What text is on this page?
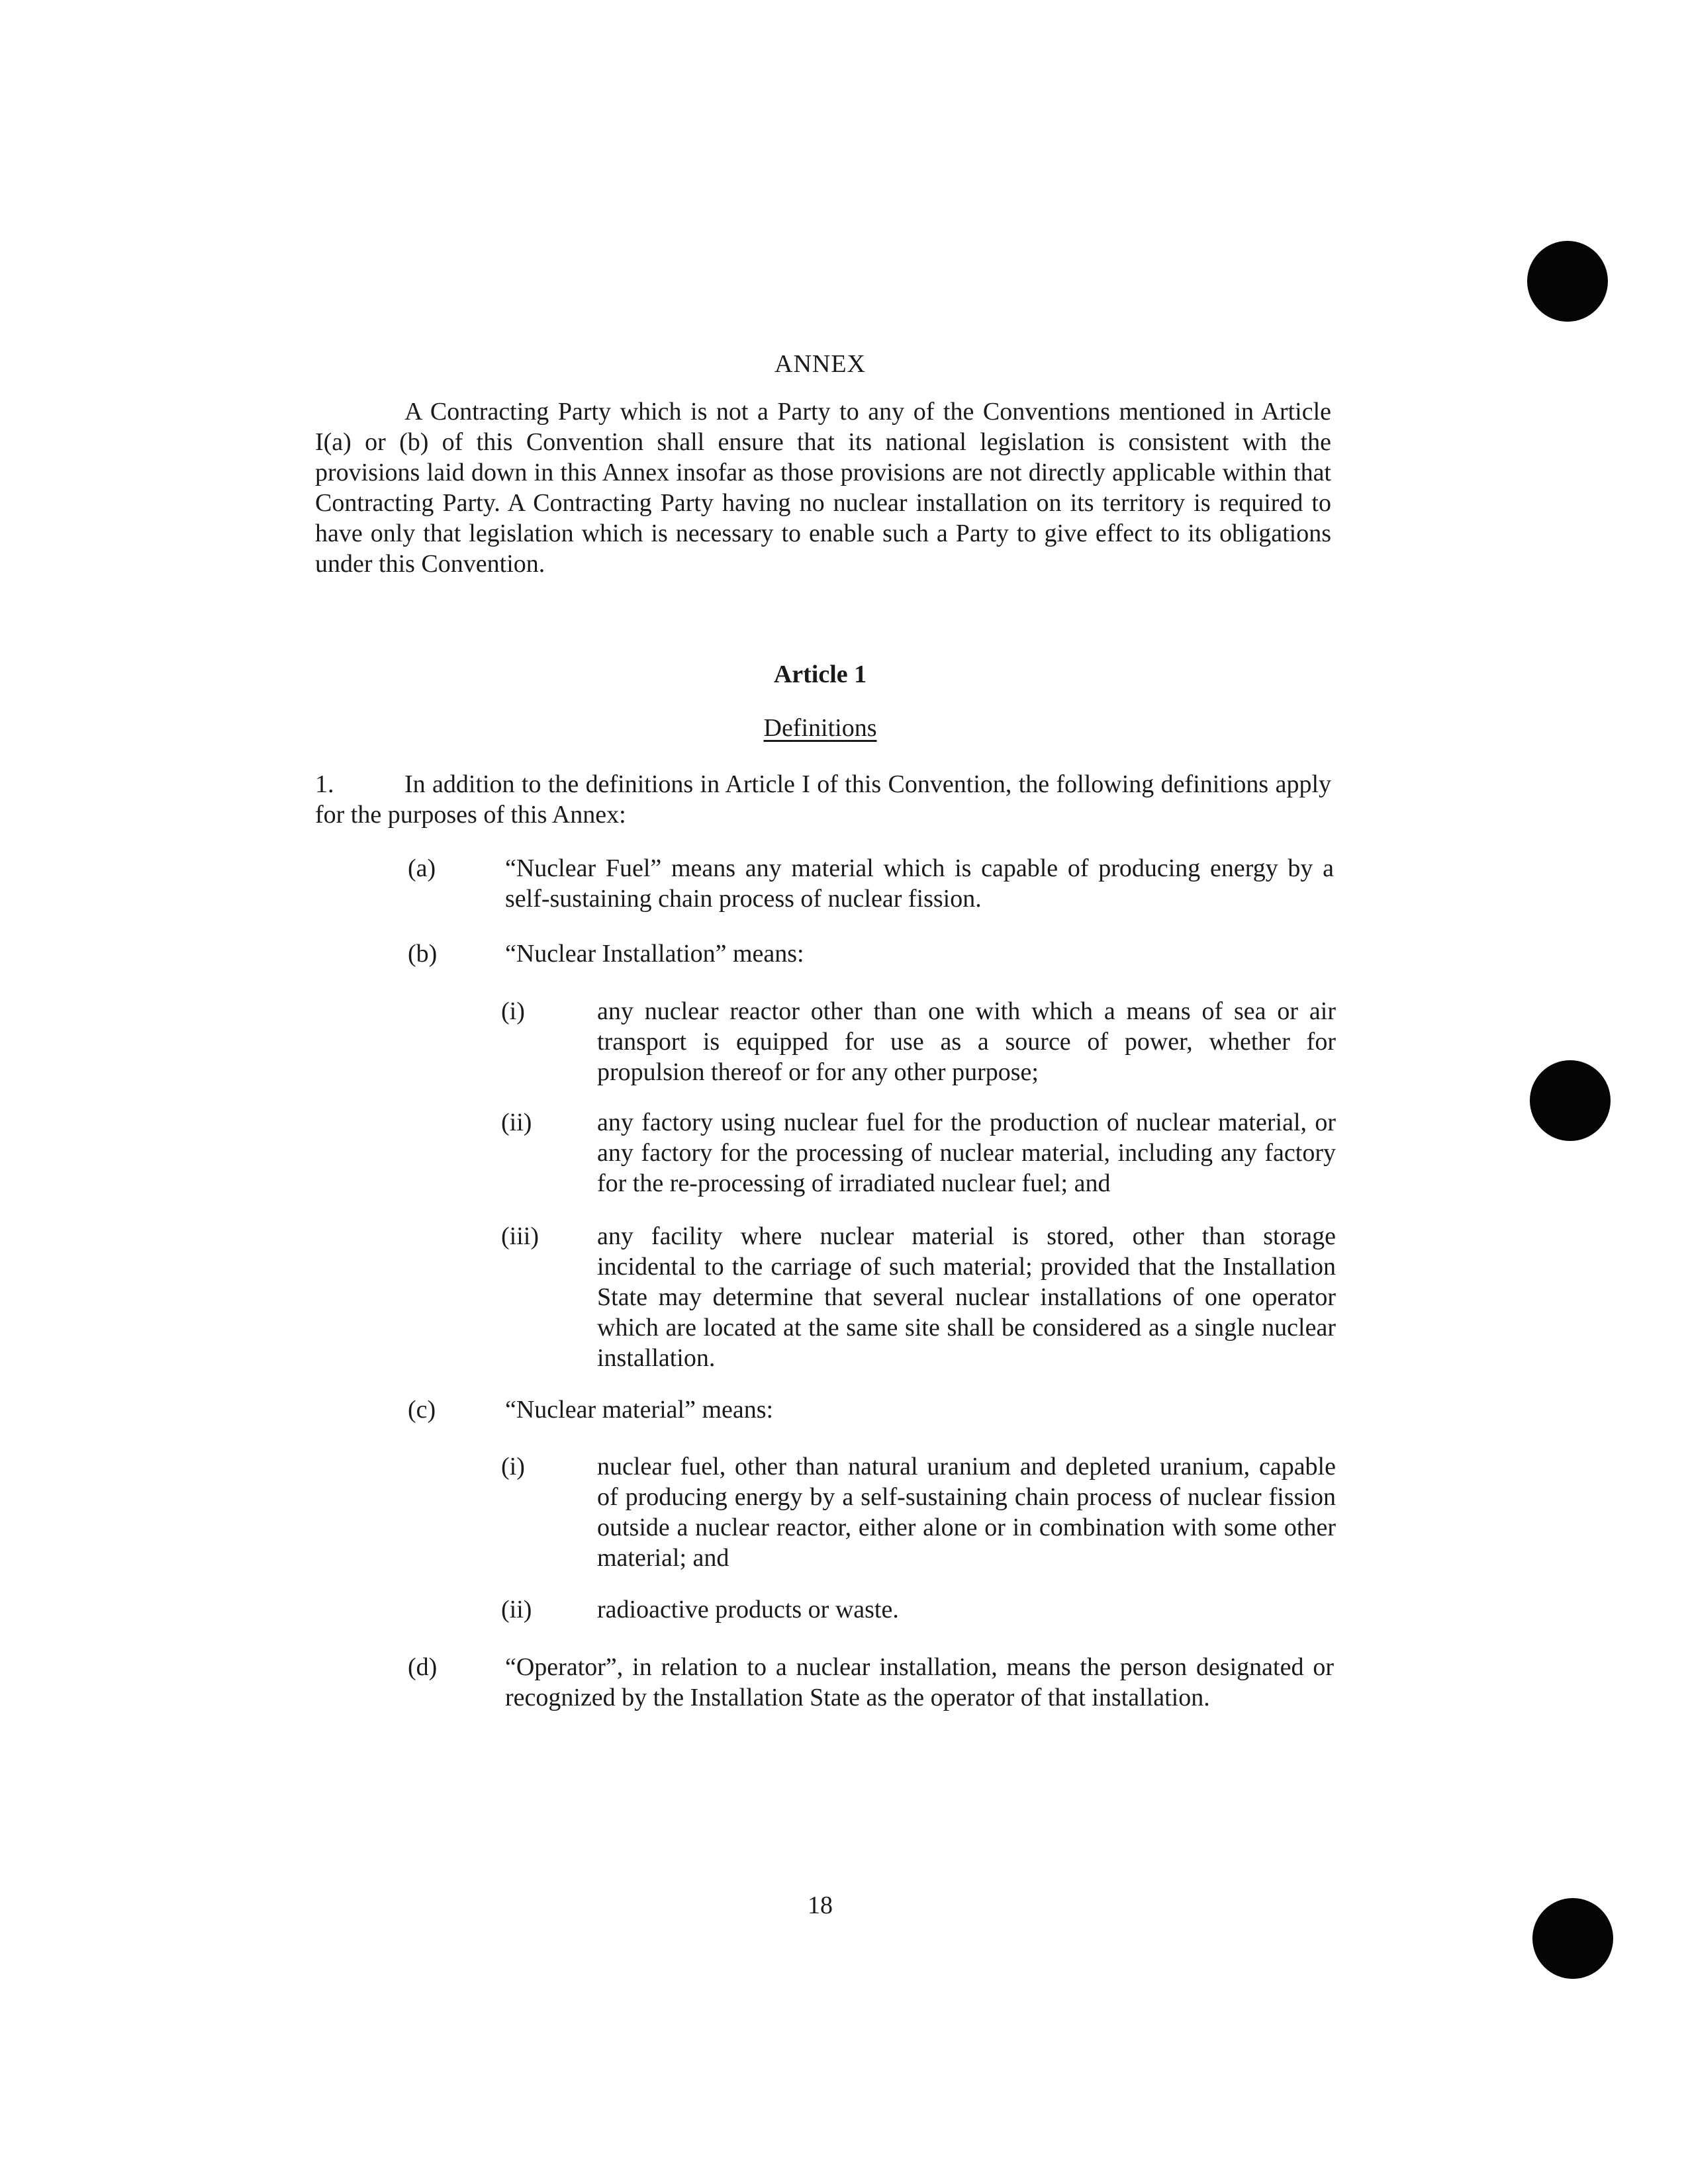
ANNEX

A Contracting Party which is not a Party to any of the Conventions mentioned in Article I(a) or (b) of this Convention shall ensure that its national legislation is consistent with the provisions laid down in this Annex insofar as those provisions are not directly applicable within that Contracting Party. A Contracting Party having no nuclear installation on its territory is required to have only that legislation which is necessary to enable such a Party to give effect to its obligations under this Convention.

Article 1
Definitions

1.	In addition to the definitions in Article I of this Convention, the following definitions apply for the purposes of this Annex:

(a)	“Nuclear Fuel” means any material which is capable of producing energy by a self-sustaining chain process of nuclear fission.
(b)	“Nuclear Installation” means:
(i)	any nuclear reactor other than one with which a means of sea or air transport is equipped for use as a source of power, whether for propulsion thereof or for any other purpose;
(ii)	any factory using nuclear fuel for the production of nuclear material, or any factory for the processing of nuclear material, including any factory for the re-processing of irradiated nuclear fuel; and
(iii) any facility where nuclear material is stored, other than storage incidental to the carriage of such material; provided that the Installation State may determine that several nuclear installations of one operator which are located at the same site shall be considered as a single nuclear installation.
(c)	“Nuclear material” means:
(i)	nuclear fuel, other than natural uranium and depleted uranium, capable of producing energy by a self-sustaining chain process of nuclear fission outside a nuclear reactor, either alone or in combination with some other material; and
(ii)	radioactive products or waste.
(d)	“Operator”, in relation to a nuclear installation, means the person designated or recognized by the Installation State as the operator of that installation.
18
